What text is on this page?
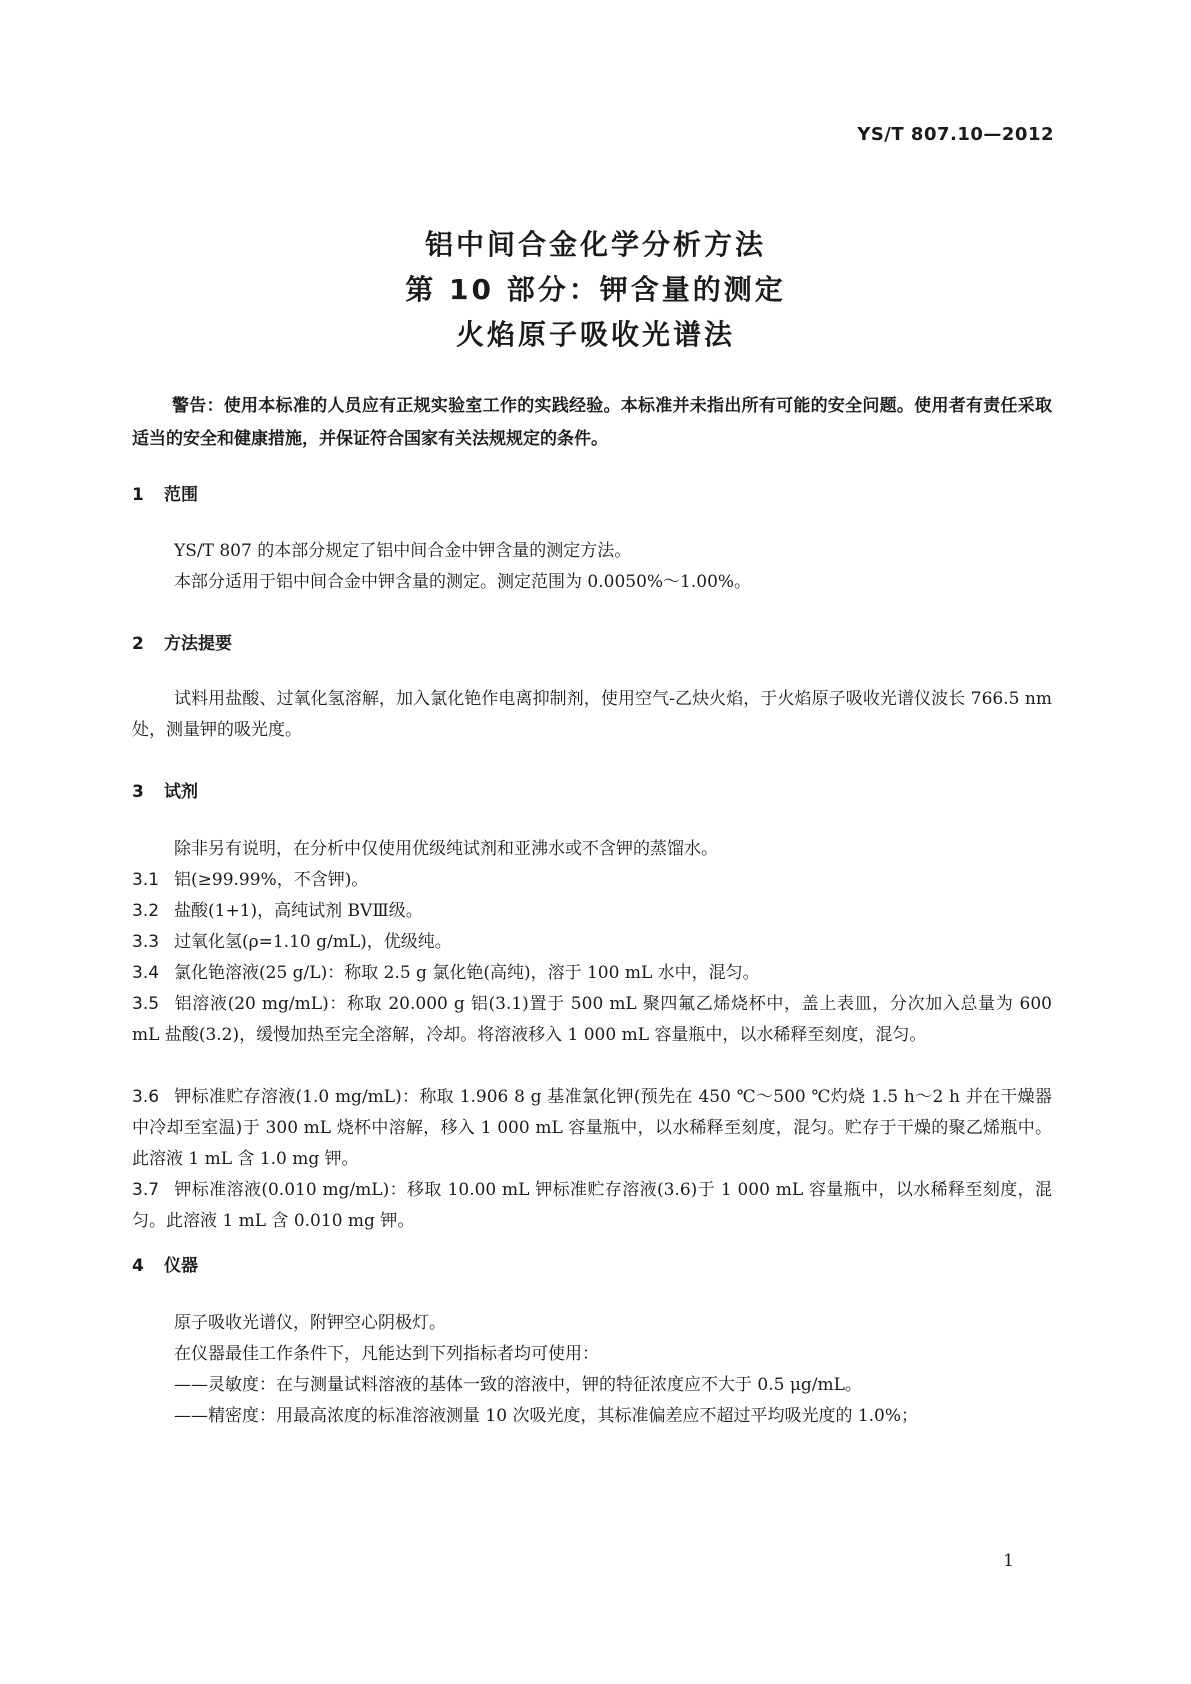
YS/T 807.10—2012
铝中间合金化学分析方法
第 10 部分：钾含量的测定
火焰原子吸收光谱法

警告：使用本标准的人员应有正规实验室工作的实践经验。本标准并未指出所有可能的安全问题。使用者有责任采取适当的安全和健康措施，并保证符合国家有关法规规定的条件。

1 范围

YS/T 807 的本部分规定了铝中间合金中钾含量的测定方法。

本部分适用于铝中间合金中钾含量的测定。测定范围为 0.0050%～1.00%。

2 方法提要

试料用盐酸、过氧化氢溶解，加入氯化铯作电离抑制剂，使用空气-乙炔火焰，于火焰原子吸收光谱仪波长 766.5 nm 处，测量钾的吸光度。

3 试剂

除非另有说明，在分析中仅使用优级纯试剂和亚沸水或不含钾的蒸馏水。

3.1 铝(≥99.99%，不含钾)。

3.2 盐酸(1+1)，高纯试剂 BVⅢ级。

3.3 过氧化氢(ρ=1.10 g/mL)，优级纯。

3.4 氯化铯溶液(25 g/L)：称取 2.5 g 氯化铯(高纯)，溶于 100 mL 水中，混匀。

3.5 铝溶液(20 mg/mL)：称取 20.000 g 铝(3.1)置于 500 mL 聚四氟乙烯烧杯中，盖上表皿，分次加入总量为 600 mL 盐酸(3.2)，缓慢加热至完全溶解，冷却。将溶液移入 1 000 mL 容量瓶中，以水稀释至刻度，混匀。

3.6 钾标准贮存溶液(1.0 mg/mL)：称取 1.906 8 g 基准氯化钾(预先在 450 ℃～500 ℃灼烧 1.5 h～2 h 并在干燥器中冷却至室温)于 300 mL 烧杯中溶解，移入 1 000 mL 容量瓶中，以水稀释至刻度，混匀。贮存于干燥的聚乙烯瓶中。此溶液 1 mL 含 1.0 mg 钾。

3.7 钾标准溶液(0.010 mg/mL)：移取 10.00 mL 钾标准贮存溶液(3.6)于 1 000 mL 容量瓶中，以水稀释至刻度，混匀。此溶液 1 mL 含 0.010 mg 钾。

4 仪器

原子吸收光谱仪，附钾空心阴极灯。

在仪器最佳工作条件下，凡能达到下列指标者均可使用：

——灵敏度：在与测量试料溶液的基体一致的溶液中，钾的特征浓度应不大于 0.5 μg/mL。

——精密度：用最高浓度的标准溶液测量 10 次吸光度，其标准偏差应不超过平均吸光度的 1.0%；

1
